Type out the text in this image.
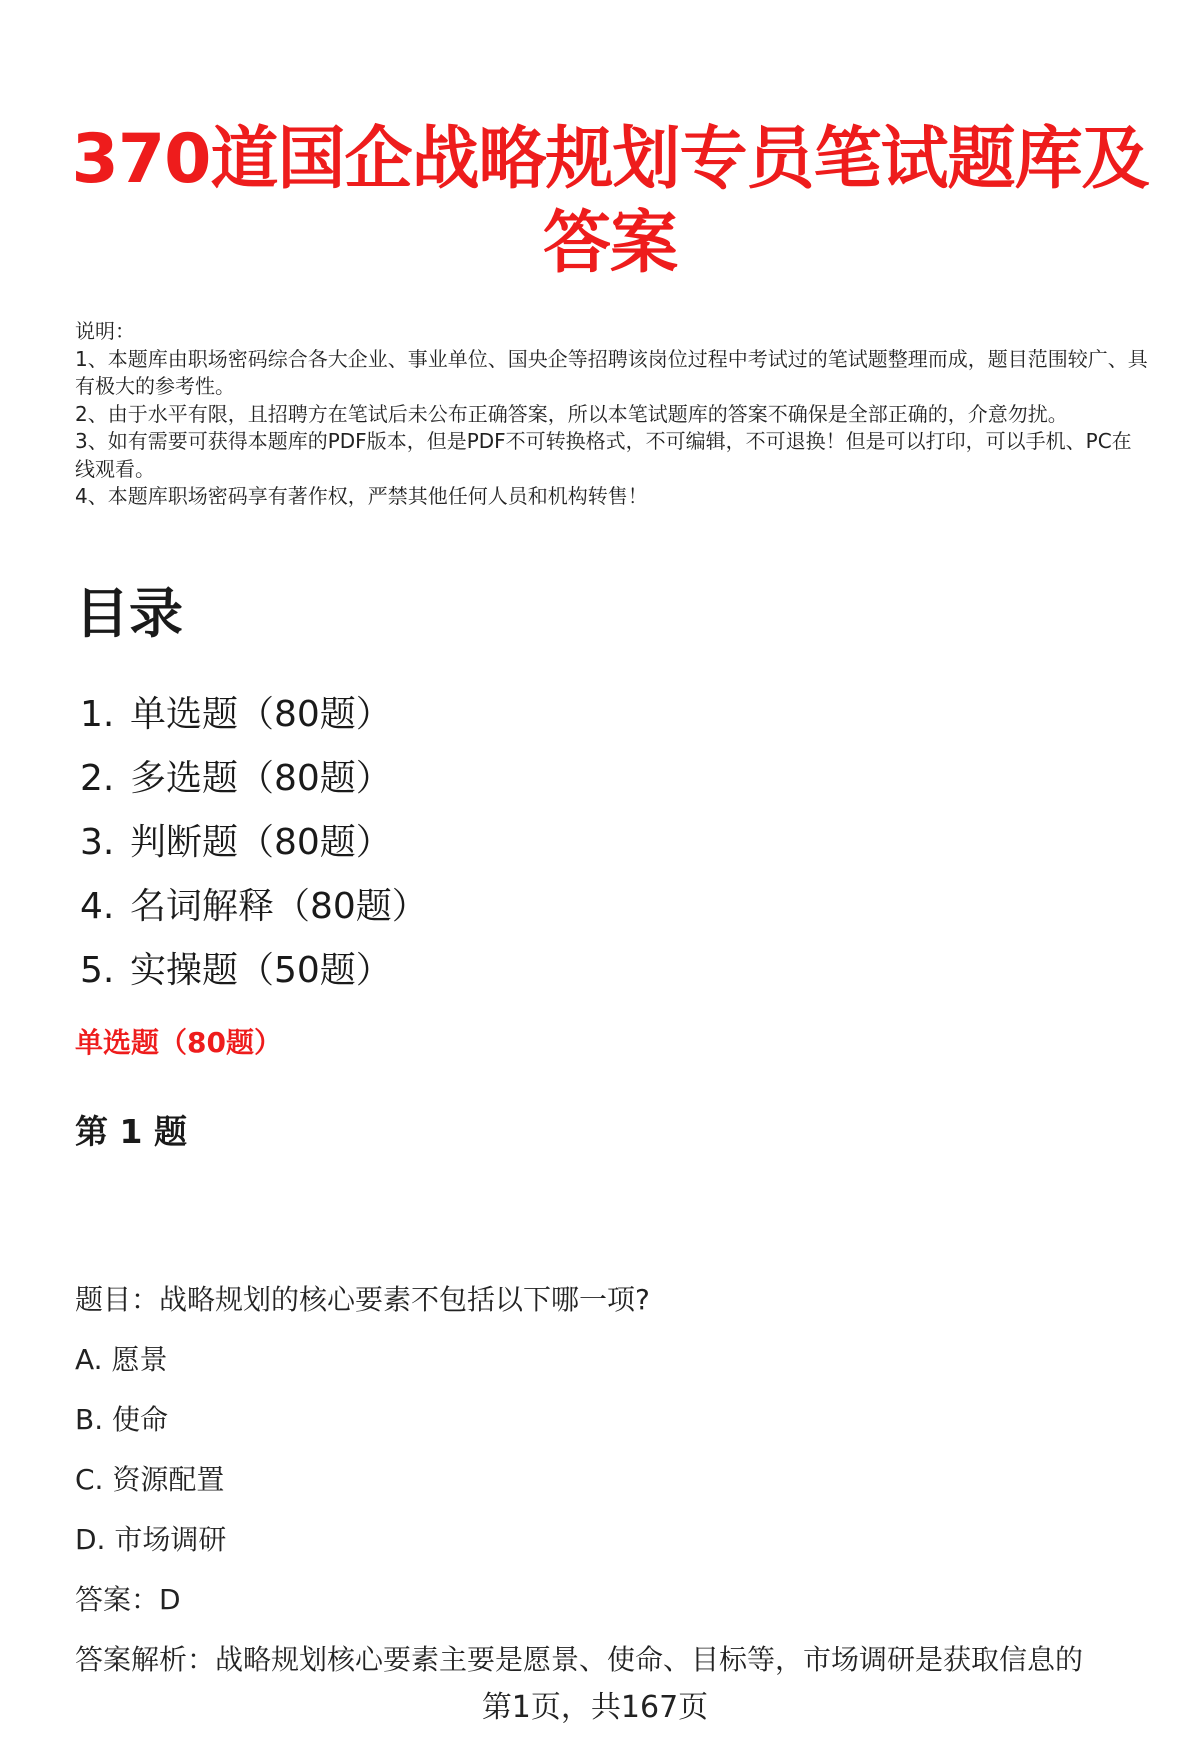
370道国企战略规划专员笔试题库及答案

说明：

1、本题库由职场密码综合各大企业、事业单位、国央企等招聘该岗位过程中考试过的笔试题整理而成，题目范围较广、具有极大的参考性。

2、由于水平有限，且招聘方在笔试后未公布正确答案，所以本笔试题库的答案不确保是全部正确的，介意勿扰。

3、如有需要可获得本题库的PDF版本，但是PDF不可转换格式，不可编辑，不可退换！但是可以打印，可以手机、PC在线观看。

4、本题库职场密码享有著作权，严禁其他任何人员和机构转售！

目录
1. 单选题（80题）
2. 多选题（80题）
3. 判断题（80题）
4. 名词解释（80题）
5. 实操题（50题）
单选题（80题）
第 1 题

题目：战略规划的核心要素不包括以下哪一项?

A. 愿景

B. 使命

C. 资源配置

D. 市场调研

答案：D

答案解析：战略规划核心要素主要是愿景、使命、目标等，市场调研是获取信息的

第1页，共167页
